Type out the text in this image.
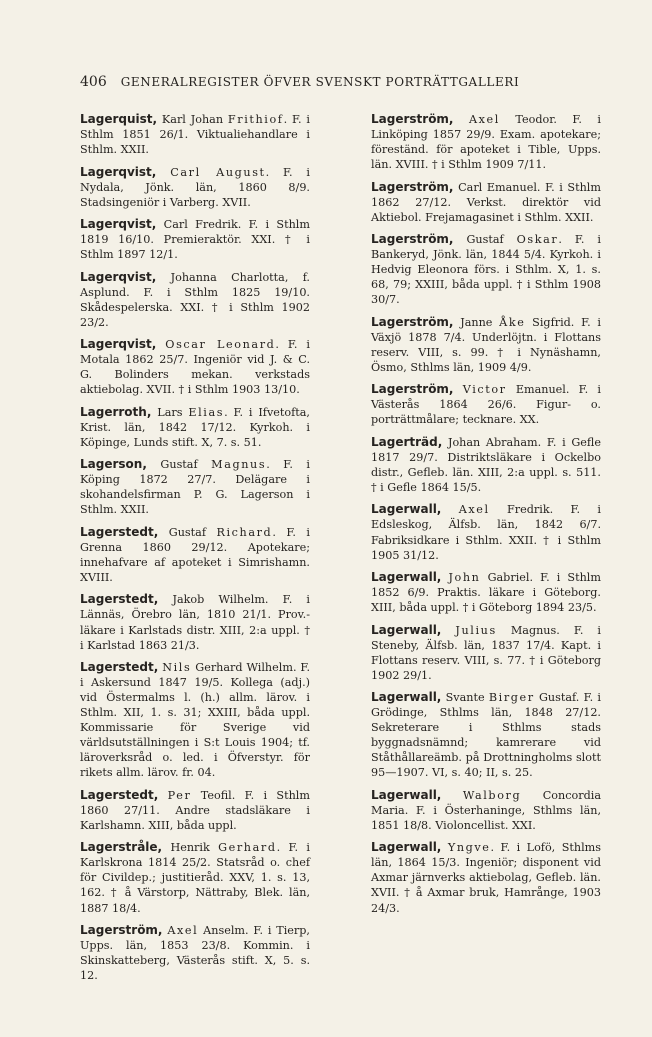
406 GENERALREGISTER ÖFVER SVENSKT PORTRÄTTGALLERI
Lagerquist, Karl Johan Frithiof. F. i Sthlm 1851 26/1. Viktualiehandlare i Sthlm. XXII.
Lagerqvist, Carl August. F. i Nydala, Jönk. län, 1860 8/9. Stadsingeniör i Varberg. XVII.
Lagerqvist, Carl Fredrik. F. i Sthlm 1819 16/10. Premieraktör. XXI. † i Sthlm 1897 12/1.
Lagerqvist, Johanna Charlotta, f. Asplund. F. i Sthlm 1825 19/10. Skådespelerska. XXI. † i Sthlm 1902 23/2.
Lagerqvist, Oscar Leonard. F. i Motala 1862 25/7. Ingeniör vid J. & C. G. Bolinders mekan. verkstads aktiebolag. XVII. † i Sthlm 1903 13/10.
Lagerroth, Lars Elias. F. i Ifvetofta, Krist. län, 1842 17/12. Kyrkoh. i Köpinge, Lunds stift. X, 7. s. 51.
Lagerson, Gustaf Magnus. F. i Köping 1872 27/7. Delägare i skohandelsfirman P. G. Lagerson i Sthlm. XXII.
Lagerstedt, Gustaf Richard. F. i Grenna 1860 29/12. Apotekare; innehafvare af apoteket i Simrishamn. XVIII.
Lagerstedt, Jakob Wilhelm. F. i Lännäs, Örebro län, 1810 21/1. Prov.-läkare i Karlstads distr. XIII, 2:a uppl. † i Karlstad 1863 21/3.
Lagerstedt, Nils Gerhard Wilhelm. F. i Askersund 1847 19/5. Kollega (adj.) vid Östermalms l. (h.) allm. lärov. i Sthlm. XII, 1. s. 31; XXIII, båda uppl. Kommissarie för Sverige vid världsutställningen i S:t Louis 1904; tf. läroverksråd o. led. i Öfverstyr. för rikets allm. lärov. fr. 04.
Lagerstedt, Per Teofil. F. i Sthlm 1860 27/11. Andre stadsläkare i Karlshamn. XIII, båda uppl.
Lagerstråle, Henrik Gerhard. F. i Karlskrona 1814 25/2. Statsråd o. chef för Civildep.; justitieråd. XXV, 1. s. 13, 162. † å Värstorp, Nättraby, Blek. län, 1887 18/4.
Lagerström, Axel Anselm. F. i Tierp, Upps. län, 1853 23/8. Kommin. i Skinskatteberg, Västerås stift. X, 5. s. 12.
Lagerström, Axel Teodor. F. i Linköping 1857 29/9. Exam. apotekare; föreständ. för apoteket i Tible, Upps. län. XVIII. † i Sthlm 1909 7/11.
Lagerström, Carl Emanuel. F. i Sthlm 1862 27/12. Verkst. direktör vid Aktiebol. Frejamagasinet i Sthlm. XXII.
Lagerström, Gustaf Oskar. F. i Bankeryd, Jönk. län, 1844 5/4. Kyrkoh. i Hedvig Eleonora förs. i Sthlm. X, 1. s. 68, 79; XXIII, båda uppl. † i Sthlm 1908 30/7.
Lagerström, Janne Åke Sigfrid. F. i Växjö 1878 7/4. Underlöjtn. i Flottans reserv. VIII, s. 99. † i Nynäshamn, Ösmo, Sthlms län, 1909 4/9.
Lagerström, Victor Emanuel. F. i Västerås 1864 26/6. Figur- o. porträttmålare; tecknare. XX.
Lagerträd, Johan Abraham. F. i Gefle 1817 29/7. Distriktsläkare i Ockelbo distr., Gefleb. län. XIII, 2:a uppl. s. 511. † i Gefle 1864 15/5.
Lagerwall, Axel Fredrik. F. i Edsleskog, Älfsb. län, 1842 6/7. Fabriksidkare i Sthlm. XXII. † i Sthlm 1905 31/12.
Lagerwall, John Gabriel. F. i Sthlm 1852 6/9. Praktis. läkare i Göteborg. XIII, båda uppl. † i Göteborg 1894 23/5.
Lagerwall, Julius Magnus. F. i Steneby, Älfsb. län, 1837 17/4. Kapt. i Flottans reserv. VIII, s. 77. † i Göteborg 1902 29/1.
Lagerwall, Svante Birger Gustaf. F. i Grödinge, Sthlms län, 1848 27/12. Sekreterare i Sthlms stads byggnadsnämnd; kamrerare vid Ståthållareämb. på Drottningholms slott 95—1907. VI, s. 40; II, s. 25.
Lagerwall, Walborg Concordia Maria. F. i Österhaninge, Sthlms län, 1851 18/8. Violoncellist. XXI.
Lagerwall, Yngve. F. i Lofö, Sthlms län, 1864 15/3. Ingeniör; disponent vid Axmar järnverks aktiebolag, Gefleb. län. XVII. † å Axmar bruk, Hamrånge, 1903 24/3.
